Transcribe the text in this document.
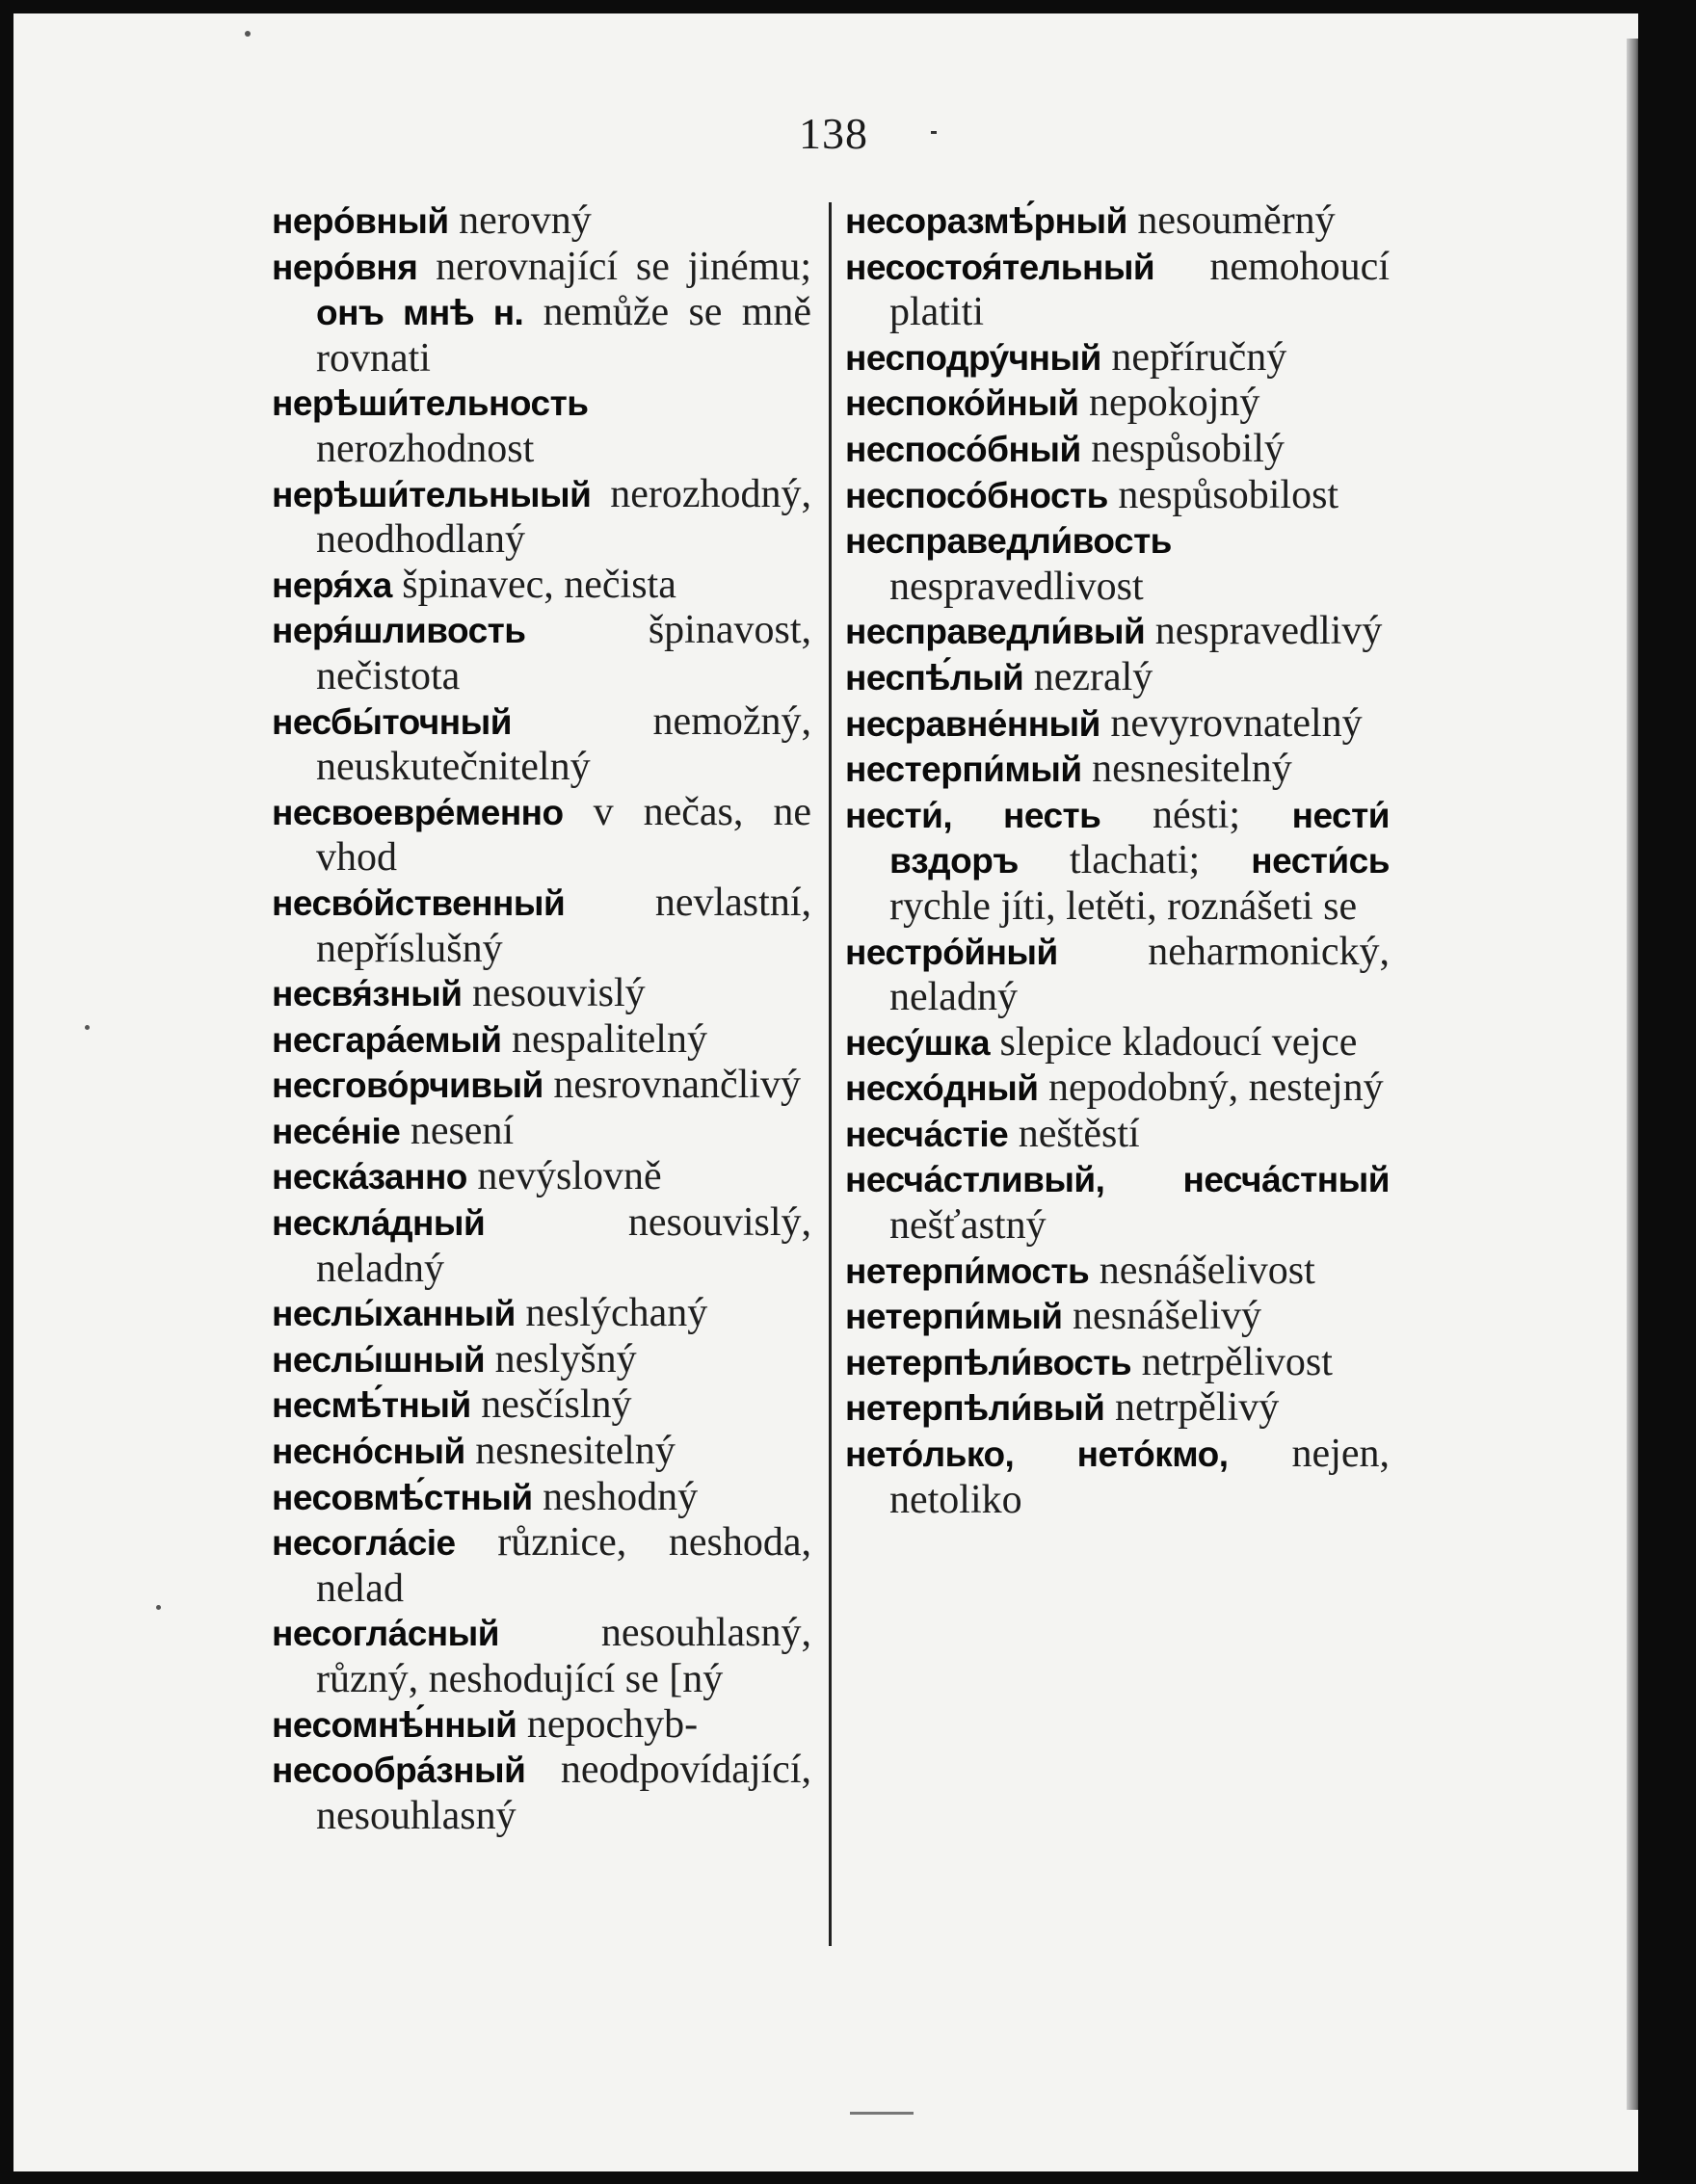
138
неро́вный nerovný
неро́вня nerovnající se jinému; онъ мнѣ н. nemůže se mně rovnati
нерѣши́тельность nerozhodnost
нерѣши́тельныый nerozhodný, neodhodlaný
неря́ха špinavec, nečista
неря́шливость	špinavost, nečistota
несбы́точный	nemožný, neuskutečnitelný
несвоевре́менно v nečas, ne vhod
несво́йственный nevlastní, nepříslušný
несвя́зный nesouvislý
несгара́емый nespalitelný
несгово́рчивый nesrovnančlivý
несе́ніе nesení
неска́занно nevýslovně
нескла́дный	nesouvislý, neladný
неслы́ханный neslýchaný
неслы́шный neslyšný
несмѣ́тный nesčíslný
несно́сный nesnesitelný
несовмѣ́стный neshodný
несогла́сіе různice, neshoda, nelad
несогла́сный	nesouhlasný, různý, neshodující se [ný
несомнѣ́нный nepochyb-
несообра́зный neodpovídající, nesouhlasný
несоразмѣ́рный nesouměrný
несостоя́тельный nemohoucí platiti
несподру́чный nepříručný
неспоко́йный nepokojný
неспосо́бный nespůsobilý
неспосо́бность nespůsobilost
несправедли́вость nespravedlivost
несправедли́вый nespravedlivý
неспѣ́лый nezralý
несравне́нный nevyrovnatelný
нестерпи́мый nesnesitelný
нести́, несть nésti; нести́ вздоръ tlachati; нести́сь rychle jíti, letěti, roznášeti se
нестро́йный neharmonický, neladný
несу́шка slepice kladoucí vejce
несхо́дный nepodobný, nestejný
несча́стіе neštěstí
несча́стливый, несча́стный nešťastný
нетерпи́мость nesnášelivost
нетерпи́мый nesnášelivý
нетерпѣли́вость netrpělivost
нетерпѣли́вый netrpělivý
нето́лько, нето́кмо, nejen, netoliko
